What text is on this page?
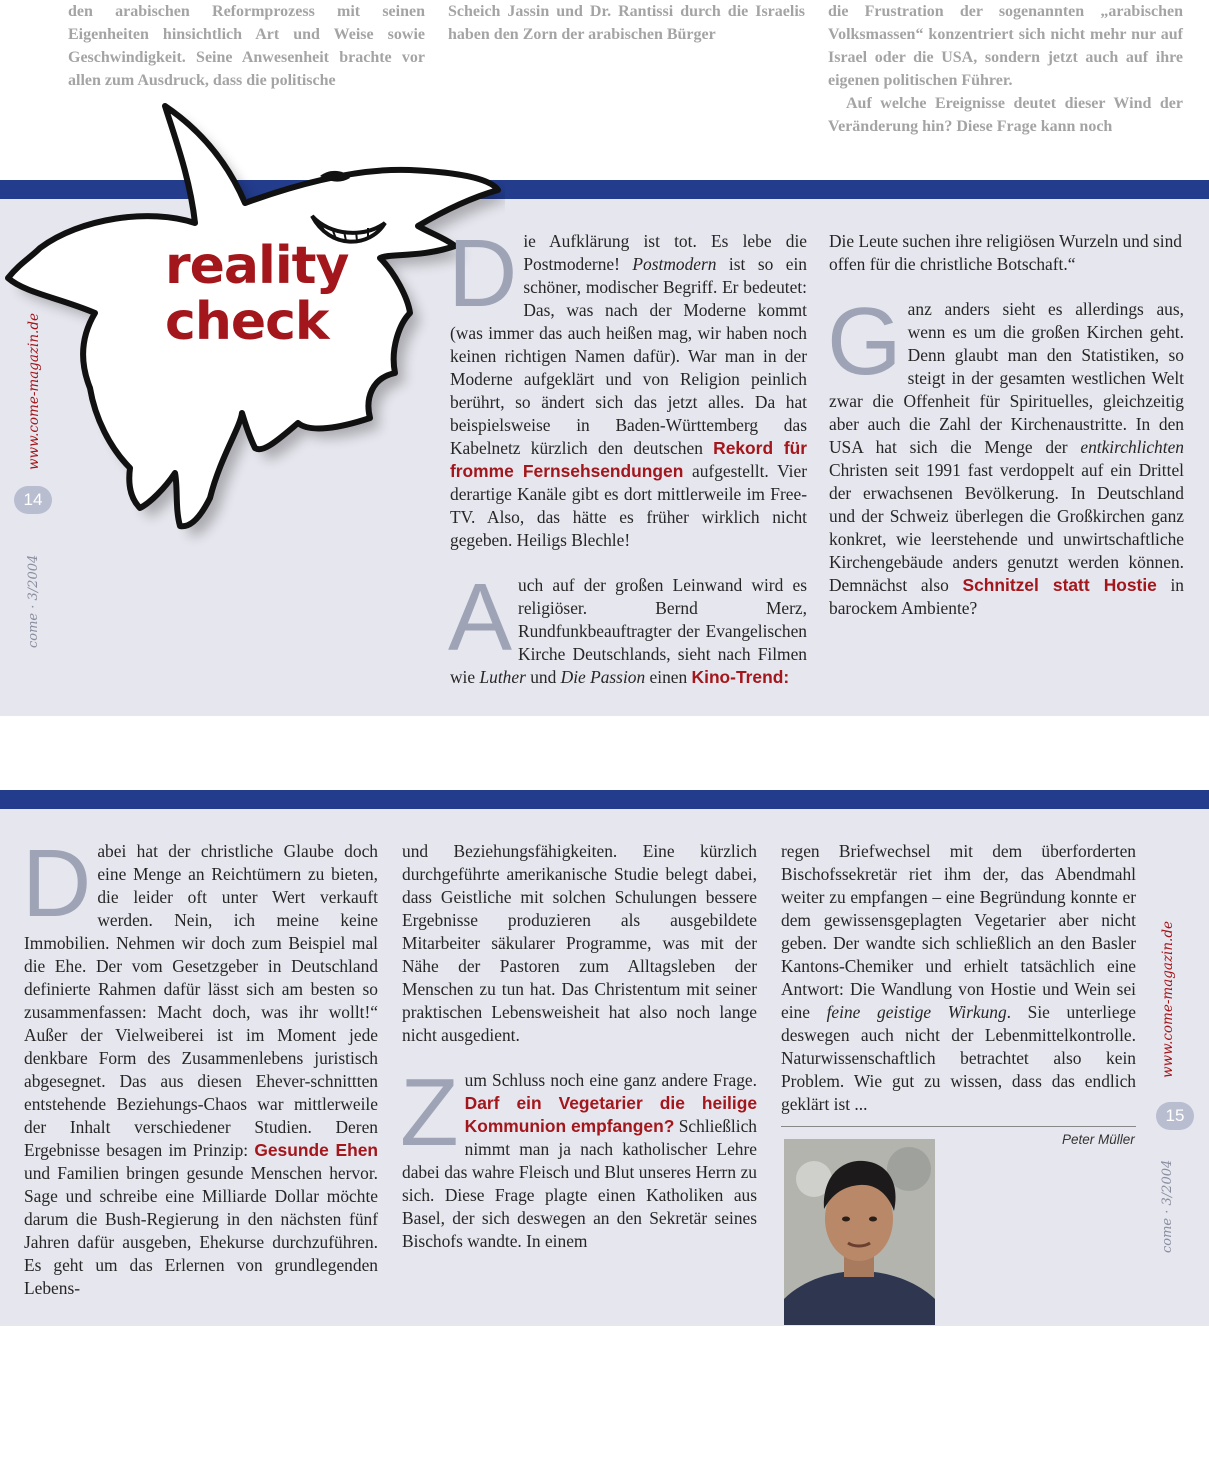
den arabischen Reformprozess mit seinen Eigenheiten hinsichtlich Art und Weise sowie Geschwindigkeit. Seine Anwesenheit brachte vor allen zum Ausdruck, dass die politische

Scheich Jassin und Dr. Rantissi durch die Israelis haben den Zorn der arabischen Bürger

die Frustration der sogenannten „arabischen Volksmassen“ konzentriert sich nicht mehr nur auf Israel oder die USA, sondern jetzt auch auf ihre eigenen politischen Führer.

Auf welche Ereignisse deutet dieser Wind der Veränderung hin? Diese Frage kann noch

reality
check
www.come-magazin.de
14
come · 3/2004

Die Aufklärung ist tot. Es lebe die Postmoderne! Postmodern ist so ein schöner, modischer Begriff. Er bedeutet: Das, was nach der Moderne kommt (was immer das auch heißen mag, wir haben noch keinen richtigen Namen dafür). War man in der Moderne aufgeklärt und von Religion peinlich berührt, so ändert sich das jetzt alles. Da hat beispielsweise in Baden-Württemberg das Kabelnetz kürzlich den deutschen Rekord für fromme Fernsehsendungen aufgestellt. Vier derartige Kanäle gibt es dort mittlerweile im Free-TV. Also, das hätte es früher wirklich nicht gegeben. Heiligs Blechle!

Auch auf der großen Leinwand wird es religiöser. Bernd Merz, Rundfunkbeauftragter der Evangelischen Kirche Deutschlands, sieht nach Filmen wie Luther und Die Passion einen Kino-Trend:

Die Leute suchen ihre religiösen Wurzeln und sind offen für die christliche Botschaft.“

Ganz anders sieht es allerdings aus, wenn es um die großen Kirchen geht. Denn glaubt man den Statistiken, so steigt in der gesamten westlichen Welt zwar die Offenheit für Spirituelles, gleichzeitig aber auch die Zahl der Kirchenaustritte. In den USA hat sich die Menge der entkirchlichten Christen seit 1991 fast verdoppelt auf ein Drittel der erwachsenen Bevölkerung. In Deutschland und der Schweiz überlegen die Großkirchen ganz konkret, wie leerstehende und unwirtschaftliche Kirchengebäude anders genutzt werden können. Demnächst also Schnitzel statt Hostie in barockem Ambiente?

Dabei hat der christliche Glaube doch eine Menge an Reichtümern zu bieten, die leider oft unter Wert verkauft werden. Nein, ich meine keine Immobilien. Nehmen wir doch zum Beispiel mal die Ehe. Der vom Gesetzgeber in Deutschland definierte Rahmen dafür lässt sich am besten so zusammenfassen: Macht doch, was ihr wollt!“ Außer der Vielweiberei ist im Moment jede denkbare Form des Zusammenlebens juristisch abgesegnet. Das aus diesen Ehever-schnittten entstehende Beziehungs-Chaos war mittlerweile der Inhalt verschiedener Studien. Deren Ergebnisse besagen im Prinzip: Gesunde Ehen und Familien bringen gesunde Menschen hervor. Sage und schreibe eine Milliarde Dollar möchte darum die Bush-Regierung in den nächsten fünf Jahren dafür ausgeben, Ehekurse durchzuführen. Es geht um das Erlernen von grundlegenden Lebens-

und Beziehungsfähigkeiten. Eine kürzlich durchgeführte amerikanische Studie belegt dabei, dass Geistliche mit solchen Schulungen bessere Ergebnisse produzieren als ausgebildete Mitarbeiter säkularer Programme, was mit der Nähe der Pastoren zum Alltagsleben der Menschen zu tun hat. Das Christentum mit seiner praktischen Lebensweisheit hat also noch lange nicht ausgedient.

Zum Schluss noch eine ganz andere Frage. Darf ein Vegetarier die heilige Kommunion empfangen? Schließlich nimmt man ja nach katholischer Lehre dabei das wahre Fleisch und Blut unseres Herrn zu sich. Diese Frage plagte einen Katholiken aus Basel, der sich deswegen an den Sekretär seines Bischofs wandte. In einem

regen Briefwechsel mit dem überforderten Bischofssekretär riet ihm der, das Abendmahl weiter zu empfangen – eine Begründung konnte er dem gewissensgeplagten Vegetarier aber nicht geben. Der wandte sich schließlich an den Basler Kantons-Chemiker und erhielt tatsächlich eine Antwort: Die Wandlung von Hostie und Wein sei eine feine geistige Wirkung. Sie unterliege deswegen auch nicht der Lebenmittelkontrolle. Naturwissenschaftlich betrachtet also kein Problem. Wie gut zu wissen, dass das endlich geklärt ist ...

Peter Müller
www.come-magazin.de
15
come · 3/2004
